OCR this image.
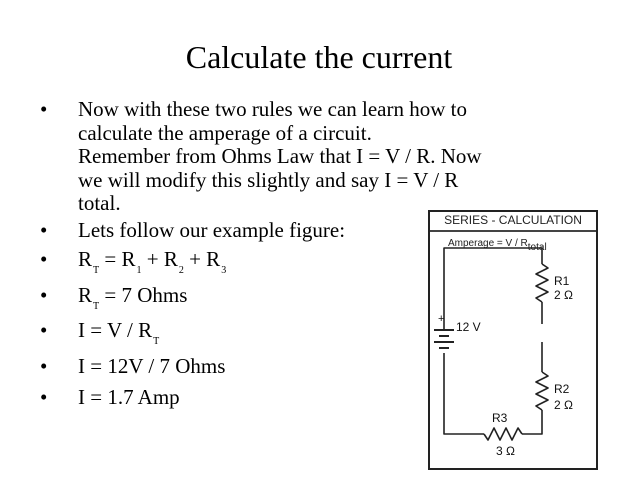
Calculate the current
• Now with these two rules we can learn how to
calculate the amperage of a circuit.
Remember from Ohms Law that I = V / R. Now
we will modify this slightly and say I = V / R
total.
• Lets follow our example figure:
• $R_T = R_1 + R_2 + R_3$
• $R_T = 7$ Ohms
• $I = V / R_T$
• I = 12V / 7 Ohms
• I = 1.7 Amp
SERIES - CALCULATION
Amperage = V / Rtotal
+
12 V
R1
2 Ω
R2
2 Ω
R3
3 Ω
